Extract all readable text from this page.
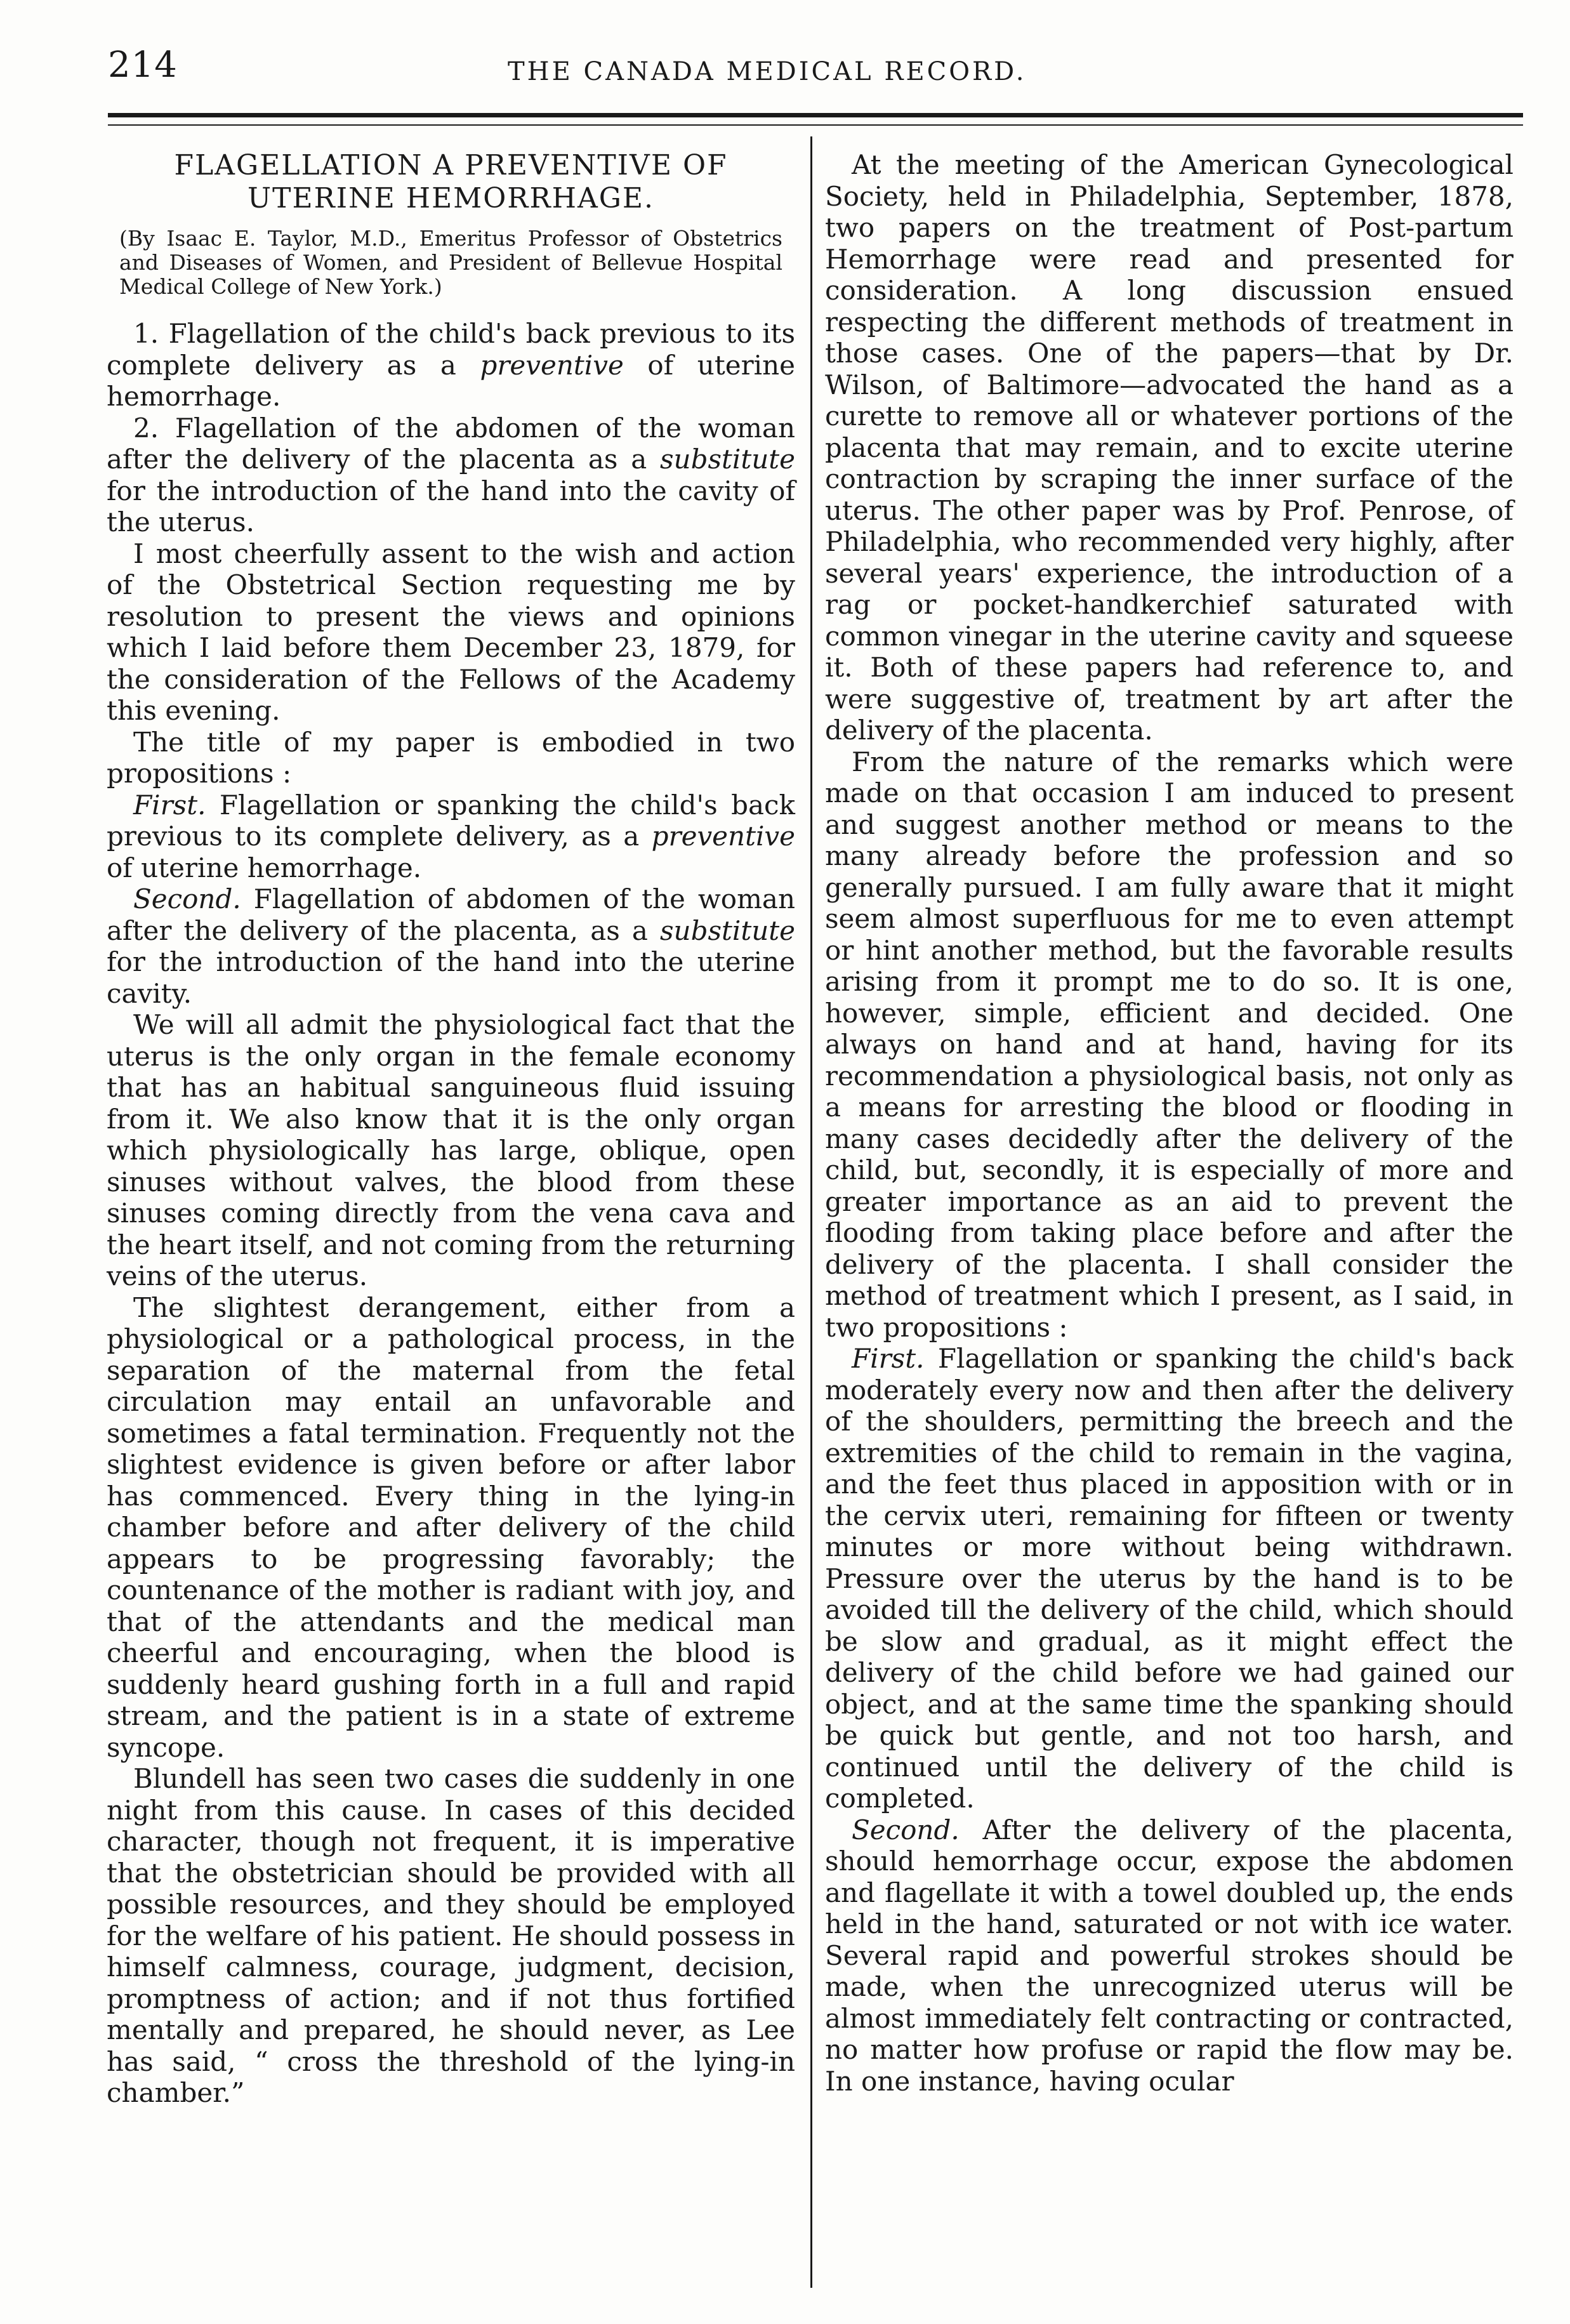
214	THE CANADA MEDICAL RECORD.
FLAGELLATION A PREVENTIVE OF UTERINE HEMORRHAGE.

(By Isaac E. Taylor, M.D., Emeritus Professor of Obstetrics and Diseases of Women, and President of Bellevue Hospital Medical College of New York.)

1. Flagellation of the child's back previous to its complete delivery as a preventive of uterine hemorrhage.

2. Flagellation of the abdomen of the woman after the delivery of the placenta as a substitute for the introduction of the hand into the cavity of the uterus.

I most cheerfully assent to the wish and action of the Obstetrical Section requesting me by resolution to present the views and opinions which I laid before them December 23, 1879, for the consideration of the Fellows of the Academy this evening.

The title of my paper is embodied in two propositions :

First. Flagellation or spanking the child's back previous to its complete delivery, as a preventive of uterine hemorrhage.

Second. Flagellation of abdomen of the woman after the delivery of the placenta, as a substitute for the introduction of the hand into the uterine cavity.

We will all admit the physiological fact that the uterus is the only organ in the female economy that has an habitual sanguineous fluid issuing from it. We also know that it is the only organ which physiologically has large, oblique, open sinuses without valves, the blood from these sinuses coming directly from the vena cava and the heart itself, and not coming from the returning veins of the uterus.

The slightest derangement, either from a physiological or a pathological process, in the separation of the maternal from the fetal circulation may entail an unfavorable and sometimes a fatal termination. Frequently not the slightest evidence is given before or after labor has commenced. Every thing in the lying-in chamber before and after delivery of the child appears to be progressing favorably; the countenance of the mother is radiant with joy, and that of the attendants and the medical man cheerful and encouraging, when the blood is suddenly heard gushing forth in a full and rapid stream, and the patient is in a state of extreme syncope.

Blundell has seen two cases die suddenly in one night from this cause. In cases of this decided character, though not frequent, it is imperative that the obstetrician should be provided with all possible resources, and they should be employed for the welfare of his patient. He should possess in himself calmness, courage, judgment, decision, promptness of action; and if not thus fortified mentally and prepared, he should never, as Lee has said, “ cross the threshold of the lying-in chamber.”

At the meeting of the American Gynecological Society, held in Philadelphia, September, 1878, two papers on the treatment of Post-partum Hemorrhage were read and presented for consideration. A long discussion ensued respecting the different methods of treatment in those cases. One of the papers—that by Dr. Wilson, of Baltimore—advocated the hand as a curette to remove all or whatever portions of the placenta that may remain, and to excite uterine contraction by scraping the inner surface of the uterus. The other paper was by Prof. Penrose, of Philadelphia, who recommended very highly, after several years' experience, the introduction of a rag or pocket-handkerchief saturated with common vinegar in the uterine cavity and squeese it. Both of these papers had reference to, and were suggestive of, treatment by art after the delivery of the placenta.

From the nature of the remarks which were made on that occasion I am induced to present and suggest another method or means to the many already before the profession and so generally pursued. I am fully aware that it might seem almost superfluous for me to even attempt or hint another method, but the favorable results arising from it prompt me to do so. It is one, however, simple, efficient and decided. One always on hand and at hand, having for its recommendation a physiological basis, not only as a means for arresting the blood or flooding in many cases decidedly after the delivery of the child, but, secondly, it is especially of more and greater importance as an aid to prevent the flooding from taking place before and after the delivery of the placenta. I shall consider the method of treatment which I present, as I said, in two propositions :

First. Flagellation or spanking the child's back moderately every now and then after the delivery of the shoulders, permitting the breech and the extremities of the child to remain in the vagina, and the feet thus placed in apposition with or in the cervix uteri, remaining for fifteen or twenty minutes or more without being withdrawn. Pressure over the uterus by the hand is to be avoided till the delivery of the child, which should be slow and gradual, as it might effect the delivery of the child before we had gained our object, and at the same time the spanking should be quick but gentle, and not too harsh, and continued until the delivery of the child is completed.

Second. After the delivery of the placenta, should hemorrhage occur, expose the abdomen and flagellate it with a towel doubled up, the ends held in the hand, saturated or not with ice water. Several rapid and powerful strokes should be made, when the unrecognized uterus will be almost immediately felt contracting or contracted, no matter how profuse or rapid the flow may be. In one instance, having ocular
